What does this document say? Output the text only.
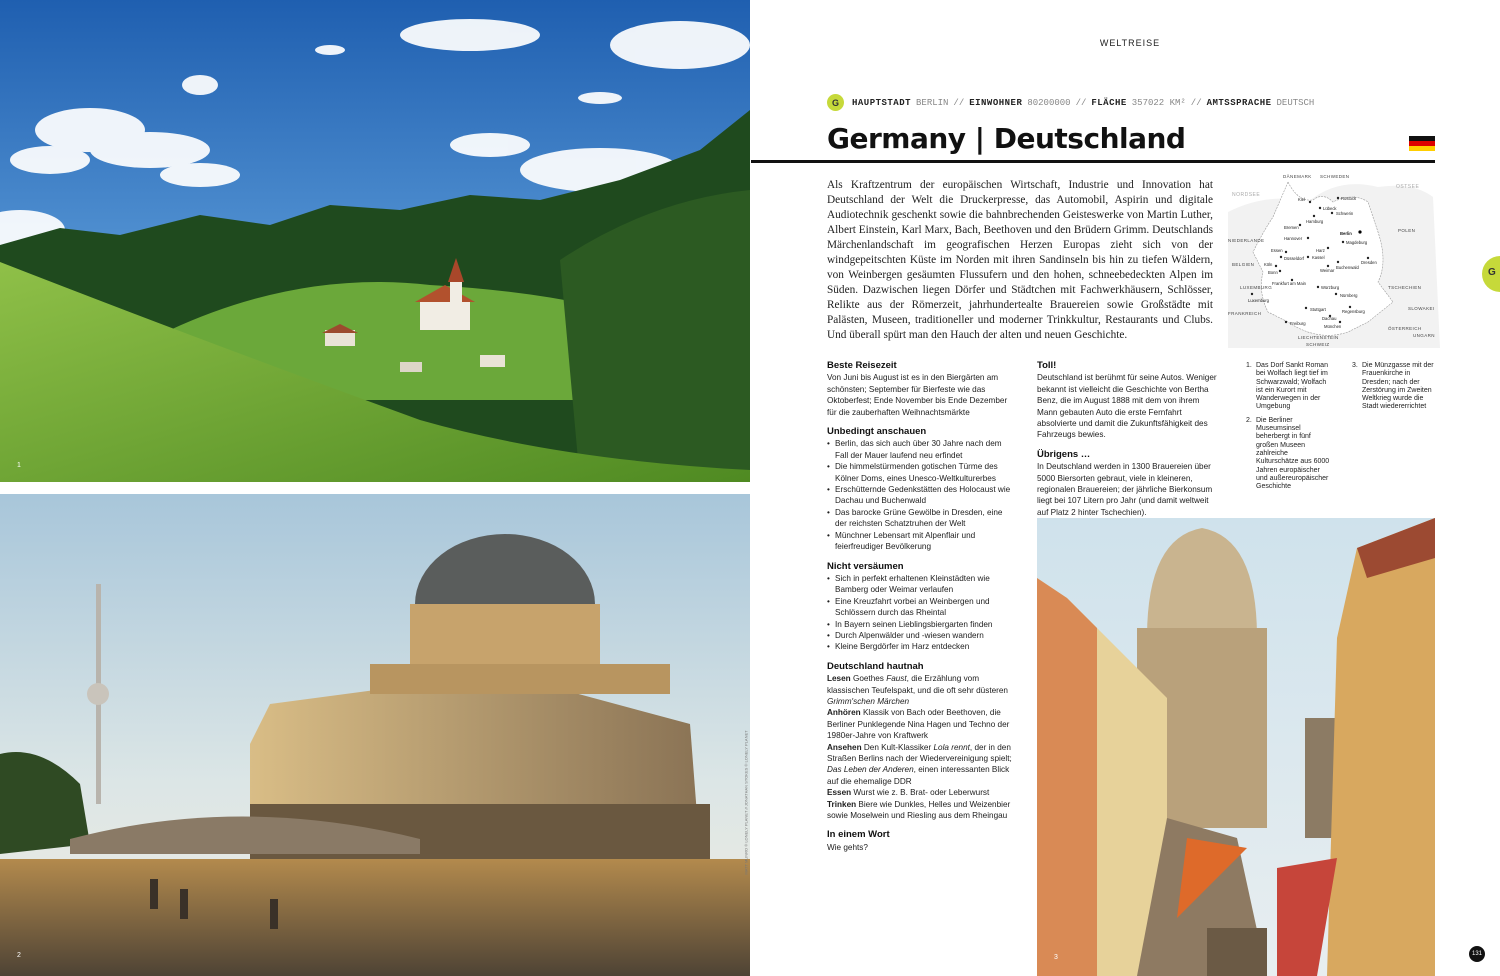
1
2	3
WELTREISE
G	HAUPTSTADT BERLIN // EINWOHNER 80200000 // FLÄCHE 357022 KM² // AMTSSPRACHE DEUTSCH
Germany | Deutschland

Als Kraftzentrum der europäischen Wirtschaft, Industrie und Innovation hat Deutschland der Welt die Druckerpresse, das Automobil, Aspirin und digitale Audiotechnik geschenkt sowie die bahnbrechenden Geisteswerke von Martin Luther, Albert Einstein, Karl Marx, Bach, Beethoven und den Brüdern Grimm. Deutschlands Märchenlandschaft im geografischen Herzen Europas zieht sich von der windgepeitschten Küste im Norden mit ihren Sandinseln bis hin zu tiefen Wäldern, von Weinbergen gesäumten Flussufern und den hohen, schneebedeckten Alpen im Süden. Dazwischen liegen Dörfer und Städtchen mit Fachwerkhäusern, Schlösser, Relikte aus der Römerzeit, jahrhundertealte Brauereien sowie Großstädte mit Palästen, Museen, traditioneller und moderner Trinkkultur, Restaurants und Clubs. Und überall spürt man den Hauch der alten und neuen Geschichte.

NORDSEE
OSTSEE
DÄNEMARK SCHWEDEN
NIEDERLANDE
POLEN
BELGIEN
TSCHECHIEN
LUXEMBURG
FRANKREICH
SLOWAKEI
ÖSTERREICH
LIECHTENSTEIN
SCHWEIZ
UNGARN
Rostock
Kiel
Lübeck
Schwerin
Hamburg
Bremen
Hannover
Berlin
Magdeburg
Harz
Essen
Düsseldorf Kassel
Weimar
Dresden
Köln
Bonn
Buchenwald
Frankfurt am Main
Würzburg
Nürnberg
Luxemburg
Regensburg
Stuttgart
Dachau
Freiburg
München
G
Beste Reisezeit

Von Juni bis August ist es in den Biergärten am schönsten; September für Bierfeste wie das Oktoberfest; Ende November bis Ende Dezember für die zauberhaften Weihnachtsmärkte

Unbedingt anschauen
• Berlin, das sich auch über 30 Jahre nach dem Fall der Mauer laufend neu erfindet
• Die himmelstürmenden gotischen Türme des Kölner Doms, eines Unesco-Weltkulturerbes
• Erschütternde Gedenkstätten des Holocaust wie Dachau und Buchenwald
• Das barocke Grüne Gewölbe in Dresden, eine der reichsten Schatztruhen der Welt
• Münchner Lebensart mit Alpenflair und feierfreudiger Bevölkerung
Nicht versäumen
• Sich in perfekt erhaltenen Kleinstädten wie Bamberg oder Weimar verlaufen
• Eine Kreuzfahrt vorbei an Weinbergen und Schlössern durch das Rheintal
• In Bayern seinen Lieblingsbiergarten finden
• Durch Alpenwälder und -wiesen wandern
• Kleine Bergdörfer im Harz entdecken
Deutschland hautnah
Lesen Goethes Faust, die Erzählung vom klassischen Teufelspakt, und die oft sehr düsteren Grimm'schen Märchen
Anhören Klassik von Bach oder Beethoven, die Berliner Punklegende Nina Hagen und Techno der 1980er-Jahre von Kraftwerk
Ansehen Den Kult-Klassiker Lola rennt, der in den Straßen Berlins nach der Wiedervereinigung spielt; Das Leben der Anderen, einen interessanten Blick auf die ehemalige DDR
Essen Wurst wie z. B. Brat- oder Leberwurst
Trinken Biere wie Dunkles, Helles und Weizenbier sowie Moselwein und Riesling aus dem Rheingau
In einem Wort

Wie gehts?

Toll!

Deutschland ist berühmt für seine Autos. Weniger bekannt ist vielleicht die Geschichte von Bertha Benz, die im August 1888 mit dem von ihrem Mann gebauten Auto die erste Fernfahrt absolvierte und damit die Zukunftsfähigkeit des Fahrzeugs bewies.

Übrigens …

In Deutschland werden in 1300 Brauereien über 5000 Biersorten gebraut, viele in kleineren, regionalen Brauereien; der jährliche Bierkonsum liegt bei 107 Litern pro Jahr (und damit weltweit auf Platz 2 hinter Tschechien).

1. Das Dorf Sankt Roman bei Wolfach liegt tief im Schwarzwald; Wolfach ist ein Kurort mit Wanderwegen in der Umgebung
2. Die Berliner Museumsinsel beherbergt in fünf großen Museen zahlreiche Kulturschätze aus 6000 Jahren europäischer und außereuropäischer Geschichte
3. Die Münzgasse mit der Frauenkirche in Dresden; nach der Zerstörung im Zweiten Weltkrieg wurde die Stadt wiedererrichtet
MATT MUNRO © LONELY PLANET // JONATHAN STOKES © LONELY PLANET
131
